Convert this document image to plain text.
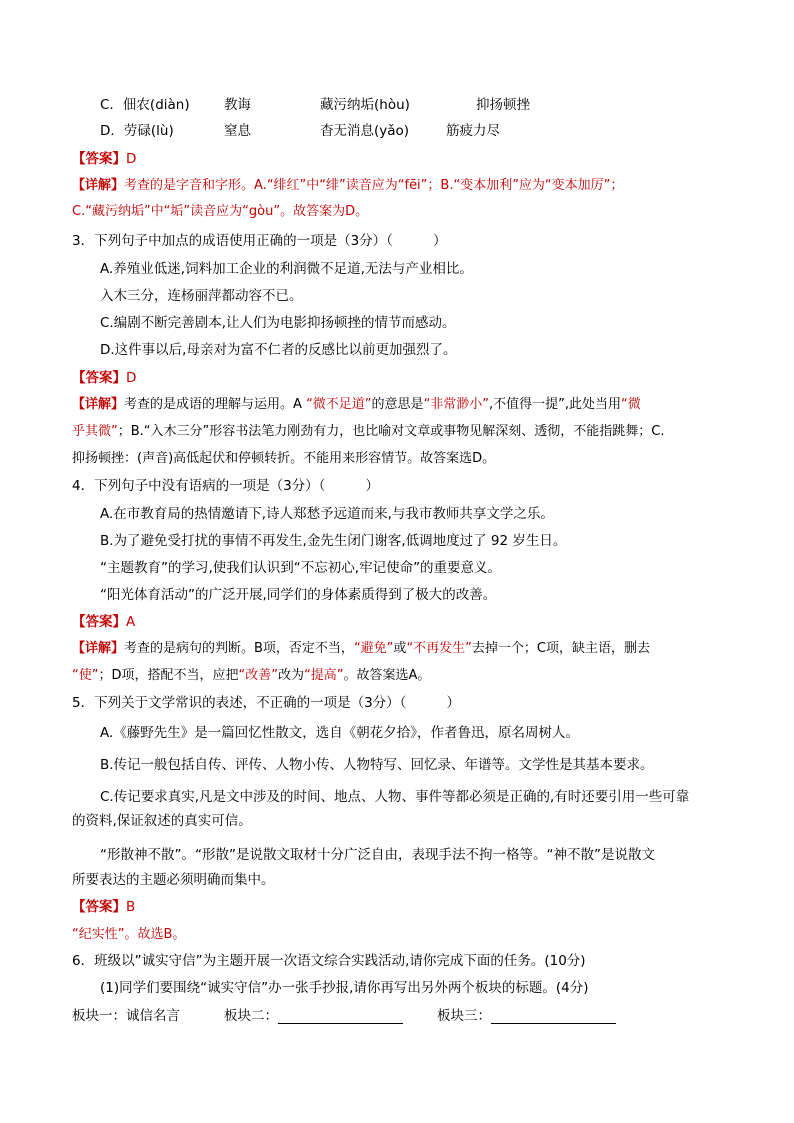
C．佃农(diàn)	教诲	藏污纳垢(hòu)	抑扬顿挫
D．劳碌(lù)	窒息	杳无消息(yǎo)	筋疲力尽
【答案】D
【详解】考查的是字音和字形。A.“绯红”中“绯”读音应为“fēi”；B.“变本加利”应为“变本加厉”；
C.“藏污纳垢”中“垢”读音应为“gòu”。故答案为D。
3．下列句子中加点的成语使用正确的一项是（3分）（	）
A.养殖业低迷,饲料加工企业的利润微不足道,无法与产业相比。
入木三分，连杨丽萍都动容不已。
C.编剧不断完善剧本,让人们为电影抑扬顿挫的情节而感动。
D.这件事以后,母亲对为富不仁者的反感比以前更加强烈了。
【答案】D
【详解】考查的是成语的理解与运用。A “微不足道”的意思是“非常渺小”,不值得一提”,此处当用“微
乎其微”；B.“入木三分”形容书法笔力刚劲有力，也比喻对文章或事物见解深刻、透彻，不能指跳舞；C.
抑扬顿挫：(声音)高低起伏和停顿转折。不能用来形容情节。故答案选D。
4．下列句子中没有语病的一项是（3分）（	）
A.在市教育局的热情邀请下,诗人郑愁予远道而来,与我市教师共享文学之乐。
B.为了避免受打扰的事情不再发生,金先生闭门谢客,低调地度过了 92 岁生日。
“主题教育”的学习,使我们认识到“不忘初心,牢记使命”的重要意义。
“阳光体育活动”的广泛开展,同学们的身体素质得到了极大的改善。
【答案】A
【详解】考查的是病句的判断。B项，否定不当，“避免”或“不再发生”去掉一个；C项，缺主语，删去
“使”；D项，搭配不当，应把“改善”改为“提高”。故答案选A。
5．下列关于文学常识的表述，不正确的一项是（3分）（	）
A.《藤野先生》是一篇回忆性散文，选自《朝花夕拾》，作者鲁迅，原名周树人。
B.传记一般包括自传、评传、人物小传、人物特写、回忆录、年谱等。文学性是其基本要求。
C.传记要求真实,凡是文中涉及的时间、地点、人物、事件等都必须是正确的,有时还要引用一些可靠
的资料,保证叙述的真实可信。
“形散神不散”。“形散”是说散文取材十分广泛自由，表现手法不拘一格等。“神不散”是说散文
所要表达的主题必须明确而集中。
【答案】B
“纪实性”。故选B。
6．班级以”诚实守信”为主题开展一次语文综合实践活动,请你完成下面的任务。(10分)
(1)同学们要围绕“诚实守信”办一张手抄报,请你再写出另外两个板块的标题。(4分)
板块一：诚信名言	板块二：	板块三：
